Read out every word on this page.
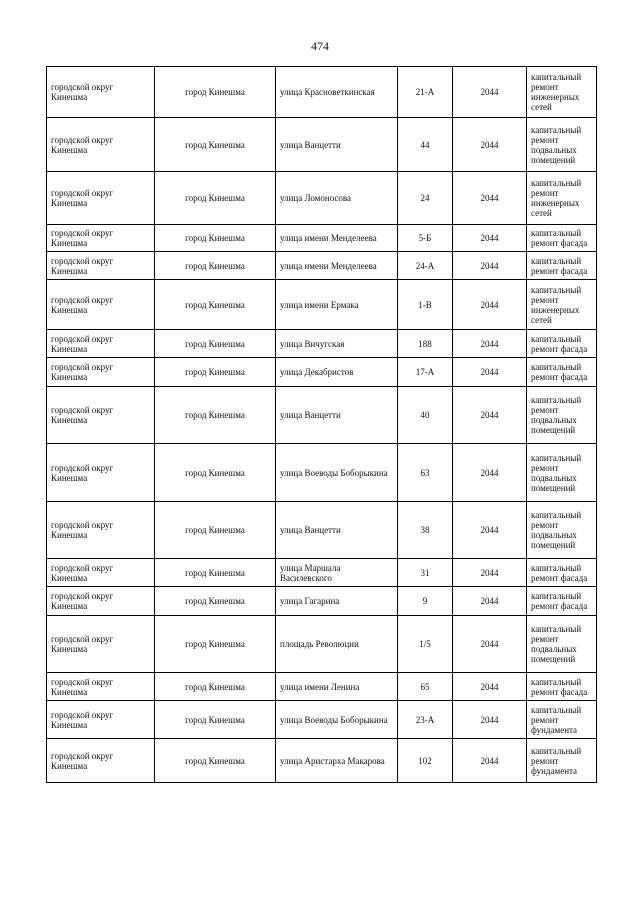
474
городской округ Кинешма	город Кинешма	улица Красноветкинская	21-А	2044	капитальный ремонт инженерных сетей
городской округ Кинешма	город Кинешма	улица Ванцетти	44	2044	капитальный ремонт подвальных помещений
городской округ Кинешма	город Кинешма	улица Ломоносова	24	2044	капитальный ремонт инженерных сетей
городской округ Кинешма	город Кинешма	улица имени Менделеева	5-Б	2044	капитальный ремонт фасада
городской округ Кинешма	город Кинешма	улица имени Менделеева	24-А	2044	капитальный ремонт фасада
городской округ Кинешма	город Кинешма	улица имени Ермака	1-В	2044	капитальный ремонт инженерных сетей
городской округ Кинешма	город Кинешма	улица Вичугская	188	2044	капитальный ремонт фасада
городской округ Кинешма	город Кинешма	улица Декабристов	17-А	2044	капитальный ремонт фасада
городской округ Кинешма	город Кинешма	улица Ванцетти	40	2044	капитальный ремонт подвальных помещений
городской округ Кинешма	город Кинешма	улица Воеводы Боборыкина	63	2044	капитальный ремонт подвальных помещений
городской округ Кинешма	город Кинешма	улица Ванцетти	38	2044	капитальный ремонт подвальных помещений
городской округ Кинешма	город Кинешма	улица Маршала Василевского	31	2044	капитальный ремонт фасада
городской округ Кинешма	город Кинешма	улица Гагарина	9	2044	капитальный ремонт фасада
городской округ Кинешма	город Кинешма	площадь Революции	1/5	2044	капитальный ремонт подвальных помещений
городской округ Кинешма	город Кинешма	улица имени Ленина	65	2044	капитальный ремонт фасада
городской округ Кинешма	город Кинешма	улица Воеводы Боборыкина	23-А	2044	капитальный ремонт фундамента
городской округ Кинешма	город Кинешма	улица Аристарха Макарова	102	2044	капитальный ремонт фундамента
